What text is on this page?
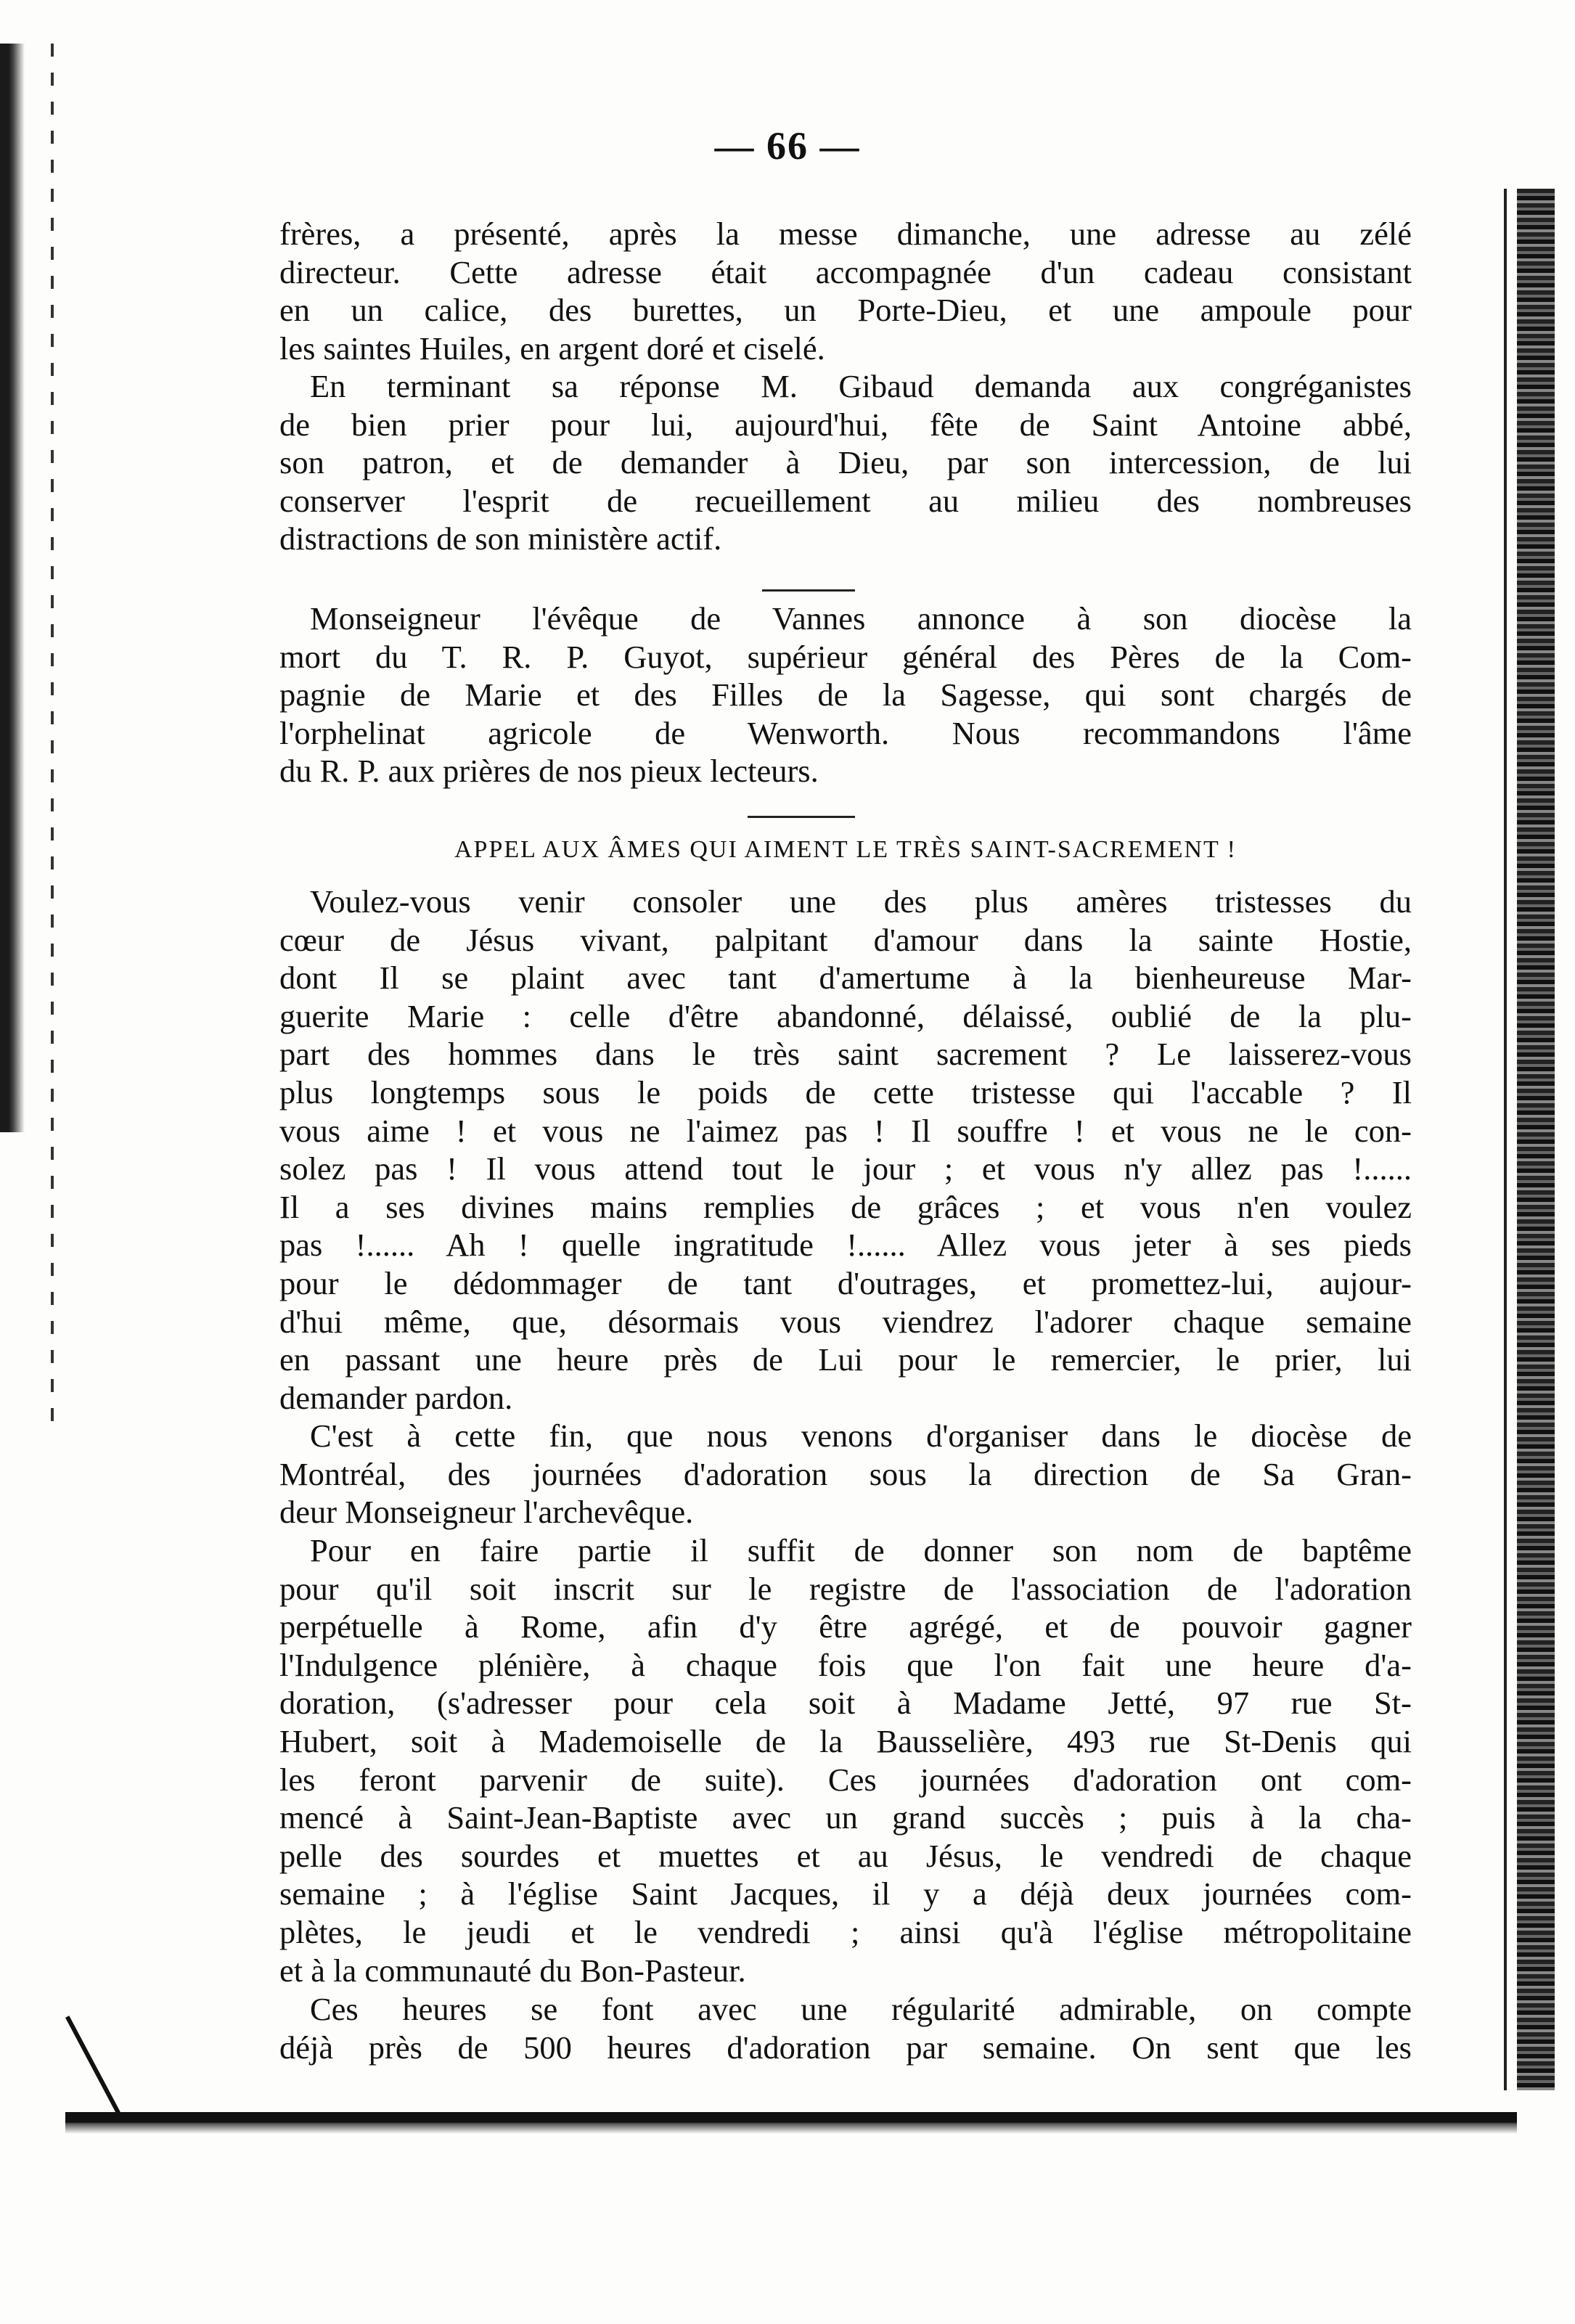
— 66 —
frères, a présenté, après la messe dimanche, une adresse au zélé
directeur. Cette adresse était accompagnée d'un cadeau consistant
en un calice, des burettes, un Porte-Dieu, et une ampoule pour
les saintes Huiles, en argent doré et ciselé.
En terminant sa réponse M. Gibaud demanda aux congréganistes
de bien prier pour lui, aujourd'hui, fête de Saint Antoine abbé,
son patron, et de demander à Dieu, par son intercession, de lui
conserver l'esprit de recueillement au milieu des nombreuses
distractions de son ministère actif.
Monseigneur l'évêque de Vannes annonce à son diocèse la
mort du T. R. P. Guyot, supérieur général des Pères de la Com-
pagnie de Marie et des Filles de la Sagesse, qui sont chargés de
l'orphelinat agricole de Wenworth. Nous recommandons l'âme
du R. P. aux prières de nos pieux lecteurs.
APPEL AUX ÂMES QUI AIMENT LE TRÈS SAINT-SACREMENT !
Voulez-vous venir consoler une des plus amères tristesses du
cœur de Jésus vivant, palpitant d'amour dans la sainte Hostie,
dont Il se plaint avec tant d'amertume à la bienheureuse Mar-
guerite Marie : celle d'être abandonné, délaissé, oublié de la plu-
part des hommes dans le très saint sacrement ? Le laisserez-vous
plus longtemps sous le poids de cette tristesse qui l'accable ? Il
vous aime ! et vous ne l'aimez pas ! Il souffre ! et vous ne le con-
solez pas ! Il vous attend tout le jour ; et vous n'y allez pas !......
Il a ses divines mains remplies de grâces ; et vous n'en voulez
pas !...... Ah ! quelle ingratitude !...... Allez vous jeter à ses pieds
pour le dédommager de tant d'outrages, et promettez-lui, aujour-
d'hui même, que, désormais vous viendrez l'adorer chaque semaine
en passant une heure près de Lui pour le remercier, le prier, lui
demander pardon.
C'est à cette fin, que nous venons d'organiser dans le diocèse de
Montréal, des journées d'adoration sous la direction de Sa Gran-
deur Monseigneur l'archevêque.
Pour en faire partie il suffit de donner son nom de baptême
pour qu'il soit inscrit sur le registre de l'association de l'adoration
perpétuelle à Rome, afin d'y être agrégé, et de pouvoir gagner
l'Indulgence plénière, à chaque fois que l'on fait une heure d'a-
doration, (s'adresser pour cela soit à Madame Jetté, 97 rue St-
Hubert, soit à Mademoiselle de la Bausselière, 493 rue St-Denis qui
les feront parvenir de suite). Ces journées d'adoration ont com-
mencé à Saint-Jean-Baptiste avec un grand succès ; puis à la cha-
pelle des sourdes et muettes et au Jésus, le vendredi de chaque
semaine ; à l'église Saint Jacques, il y a déjà deux journées com-
plètes, le jeudi et le vendredi ; ainsi qu'à l'église métropolitaine
et à la communauté du Bon-Pasteur.
Ces heures se font avec une régularité admirable, on compte
déjà près de 500 heures d'adoration par semaine. On sent que les
